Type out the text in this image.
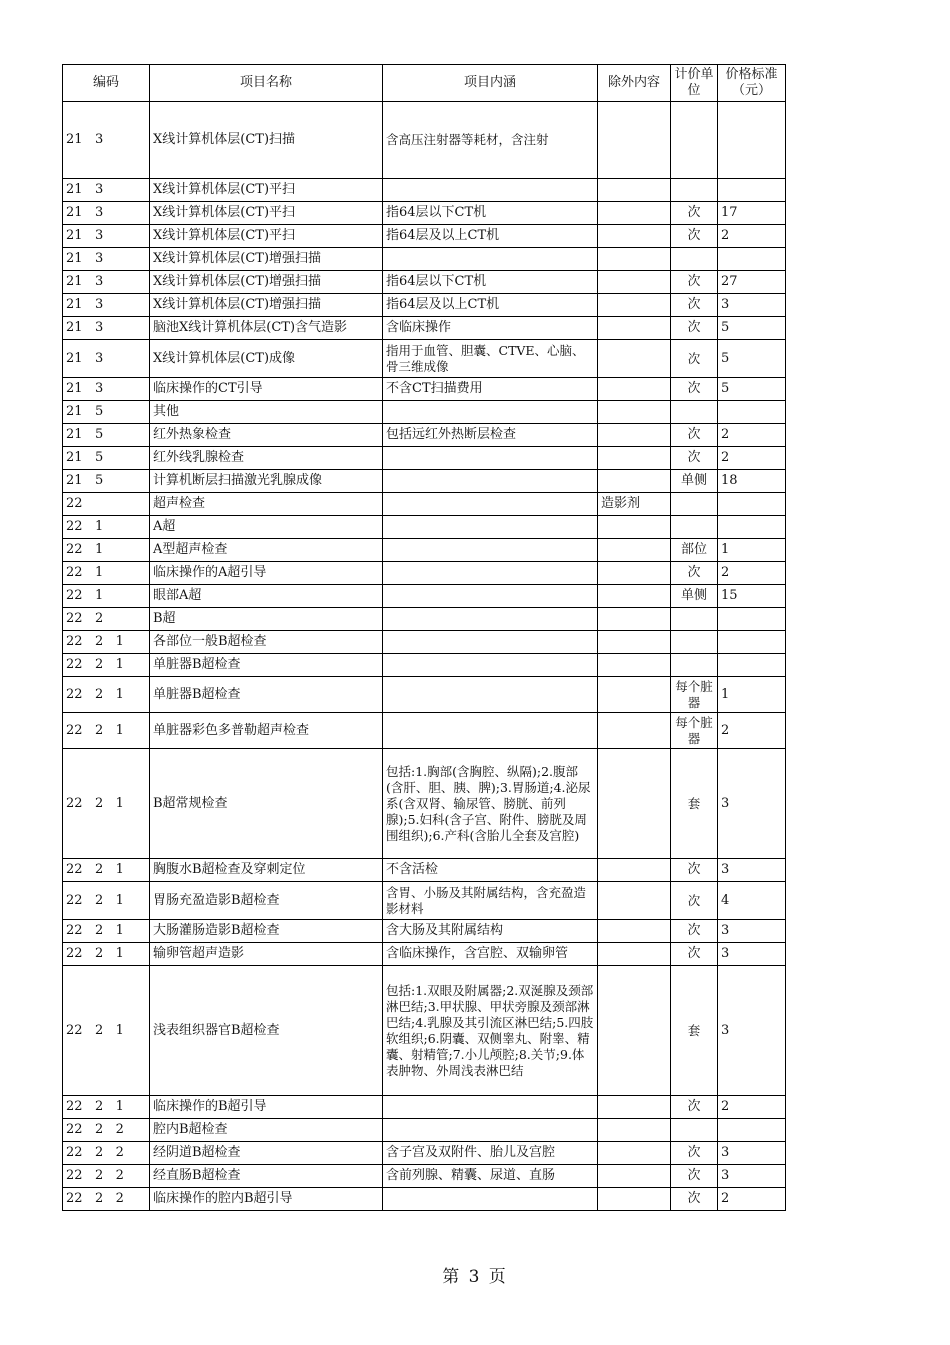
编码	项目名称	项目内涵	除外内容	计价单位	价格标准（元）
21   3	X线计算机体层(CT)扫描	含高压注射器等耗材，含注射			
21   3	X线计算机体层(CT)平扫				
21   3	X线计算机体层(CT)平扫	指64层以下CT机		次	17
21   3	X线计算机体层(CT)平扫	指64层及以上CT机		次	2
21   3	X线计算机体层(CT)增强扫描				
21   3	X线计算机体层(CT)增强扫描	指64层以下CT机		次	27
21   3	X线计算机体层(CT)增强扫描	指64层及以上CT机		次	3
21   3	脑池X线计算机体层(CT)含气造影	含临床操作		次	5
21   3	X线计算机体层(CT)成像	指用于血管、胆囊、CTVE、心脑、骨三维成像		次	5
21   3	临床操作的CT引导	不含CT扫描费用		次	5
21   5	其他				
21   5	红外热象检查	包括远红外热断层检查		次	2
21   5	红外线乳腺检查			次	2
21   5	计算机断层扫描激光乳腺成像			单侧	18
22	超声检查		造影剂		
22   1	A超				
22   1	A型超声检查			部位	1
22   1	临床操作的A超引导			次	2
22   1	眼部A超			单侧	15
22   2	B超				
22   2   1	各部位一般B超检查				
22   2   1	单脏器B超检查				
22   2   1	单脏器B超检查			每个脏器	1
22   2   1	单脏器彩色多普勒超声检查			每个脏器	2
22   2   1	B超常规检查	包括:1.胸部(含胸腔、纵隔);2.腹部(含肝、胆、胰、脾);3.胃肠道;4.泌尿系(含双肾、输尿管、膀胱、前列腺);5.妇科(含子宫、附件、膀胱及周围组织);6.产科(含胎儿全套及宫腔)		套	3
22   2   1	胸腹水B超检查及穿刺定位	不含活检		次	3
22   2   1	胃肠充盈造影B超检查	含胃、小肠及其附属结构，含充盈造影材料		次	4
22   2   1	大肠灌肠造影B超检查	含大肠及其附属结构		次	3
22   2   1	输卵管超声造影	含临床操作，含宫腔、双输卵管		次	3
22   2   1	浅表组织器官B超检查	包括:1.双眼及附属器;2.双涎腺及颈部淋巴结;3.甲状腺、甲状旁腺及颈部淋巴结;4.乳腺及其引流区淋巴结;5.四肢软组织;6.阴囊、双侧睾丸、附睾、精囊、射精管;7.小儿颅腔;8.关节;9.体表肿物、外周浅表淋巴结		套	3
22   2   1	临床操作的B超引导			次	2
22   2   2	腔内B超检查				
22   2   2	经阴道B超检查	含子宫及双附件、胎儿及宫腔		次	3
22   2   2	经直肠B超检查	含前列腺、精囊、尿道、直肠		次	3
22   2   2	临床操作的腔内B超引导			次	2
第 3 页
